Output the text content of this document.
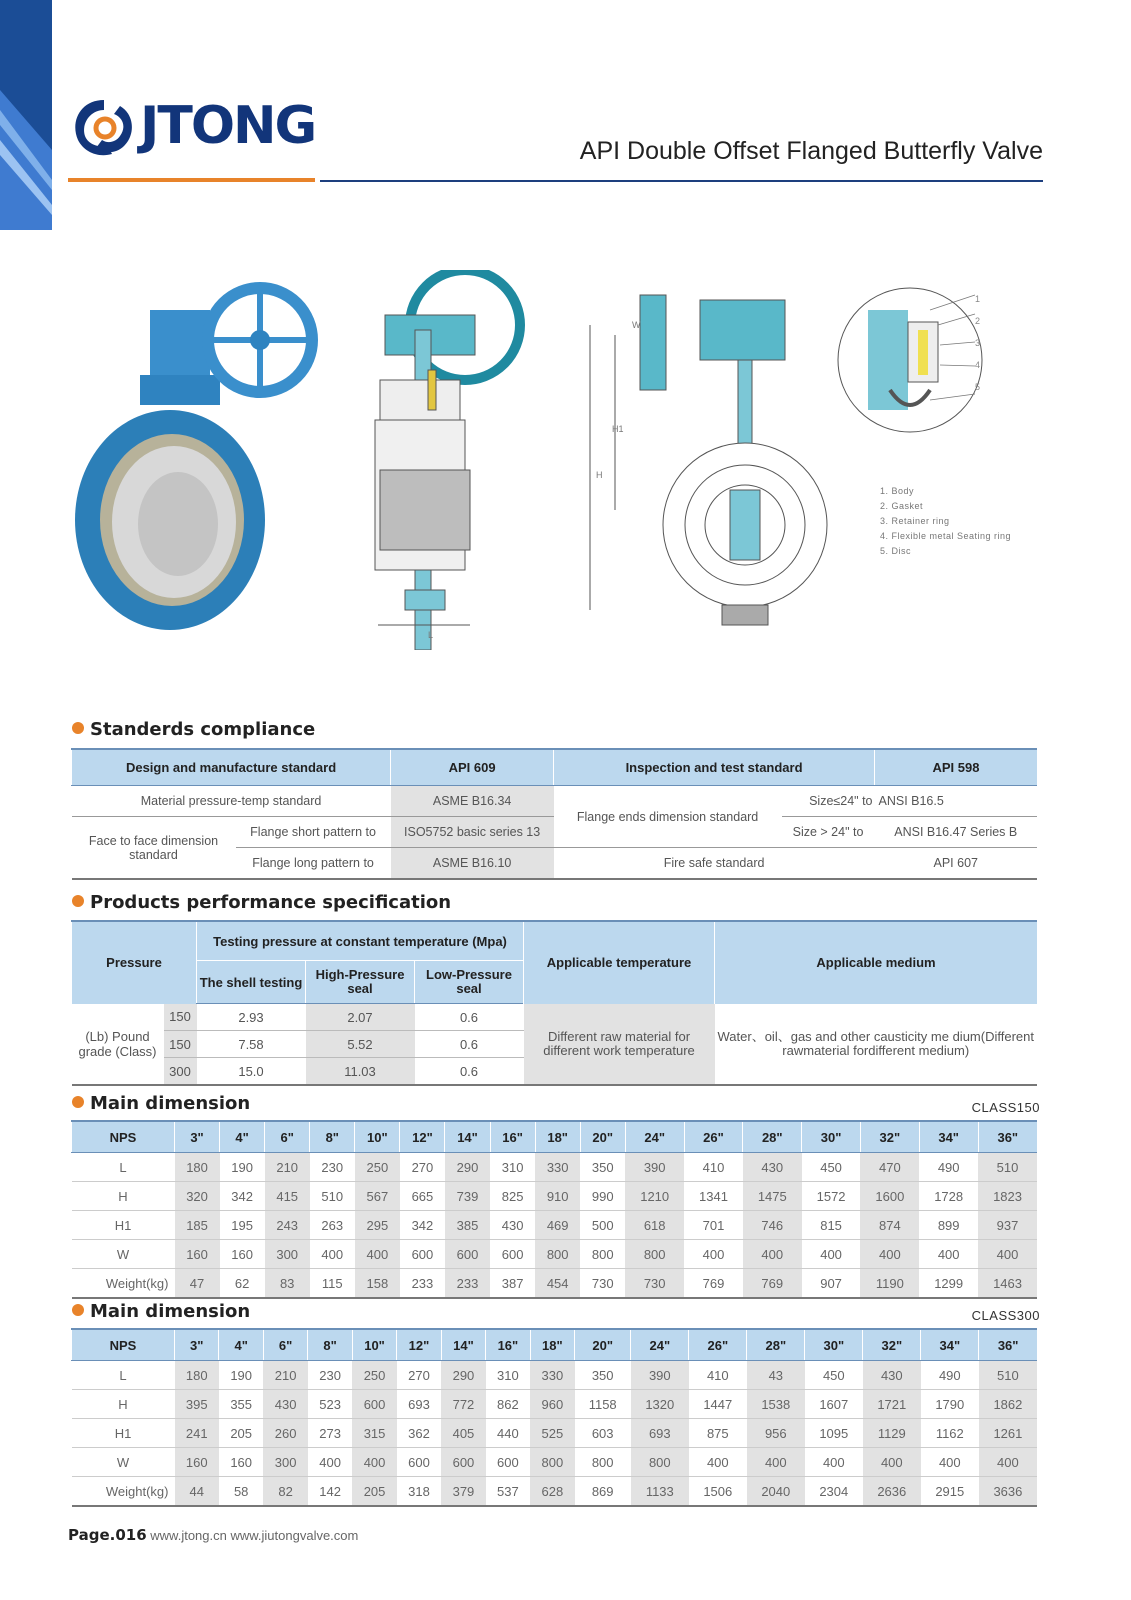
JTONG	API Double Offset Flanged Butterfly Valve
1
2
3
4
5
W
H1
H
L
1. Body
2. Gasket
3. Retainer ring
4. Flexible metal Seating ring
5. Disc
Standerds compliance
Design and manufacture standard		API 609	Inspection and test standard		API 598
Material pressure-temp standard		ASME B16.34	Flange ends dimension standard	Size≤24" to	ANSI B16.5
Face to face dimension standard	Flange short pattern to	ISO5752 basic series 13		Size > 24" to	ANSI B16.47 Series B
	Flange long pattern to	ASME B16.10	Fire safe standard		API 607
Products performance specification
Pressure		Testing pressure at constant temperature (Mpa)			Applicable temperature	Applicable medium
		The shell testing	High-Pressure seal	Low-Pressure seal		
(Lb) Pound grade (Class)	150	2.93	2.07	0.6	Different raw material for different work temperature	Water、oil、gas and other causticity me dium(Different rawmaterial fordifferent medium)
	150	7.58	5.52	0.6		
	300	15.0	11.03	0.6		
Main dimension	CLASS150
NPS	3"	4"	6"	8"	10"	12"	14"	16"	18"	20"	24"	26"	28"	30"	32"	34"	36"
L	180	190	210	230	250	270	290	310	330	350	390	410	430	450	470	490	510
H	320	342	415	510	567	665	739	825	910	990	1210	1341	1475	1572	1600	1728	1823
H1	185	195	243	263	295	342	385	430	469	500	618	701	746	815	874	899	937
W	160	160	300	400	400	600	600	600	800	800	800	400	400	400	400	400	400
Weight(kg)	47	62	83	115	158	233	233	387	454	730	730	769	769	907	1190	1299	1463
Main dimension	CLASS300
NPS	3"	4"	6"	8"	10"	12"	14"	16"	18"	20"	24"	26"	28"	30"	32"	34"	36"
L	180	190	210	230	250	270	290	310	330	350	390	410	43	450	430	490	510
H	395	355	430	523	600	693	772	862	960	1158	1320	1447	1538	1607	1721	1790	1862
H1	241	205	260	273	315	362	405	440	525	603	693	875	956	1095	1129	1162	1261
W	160	160	300	400	400	600	600	600	800	800	800	400	400	400	400	400	400
Weight(kg)	44	58	82	142	205	318	379	537	628	869	1133	1506	2040	2304	2636	2915	3636
Page.016 www.jtong.cn www.jiutongvalve.com
